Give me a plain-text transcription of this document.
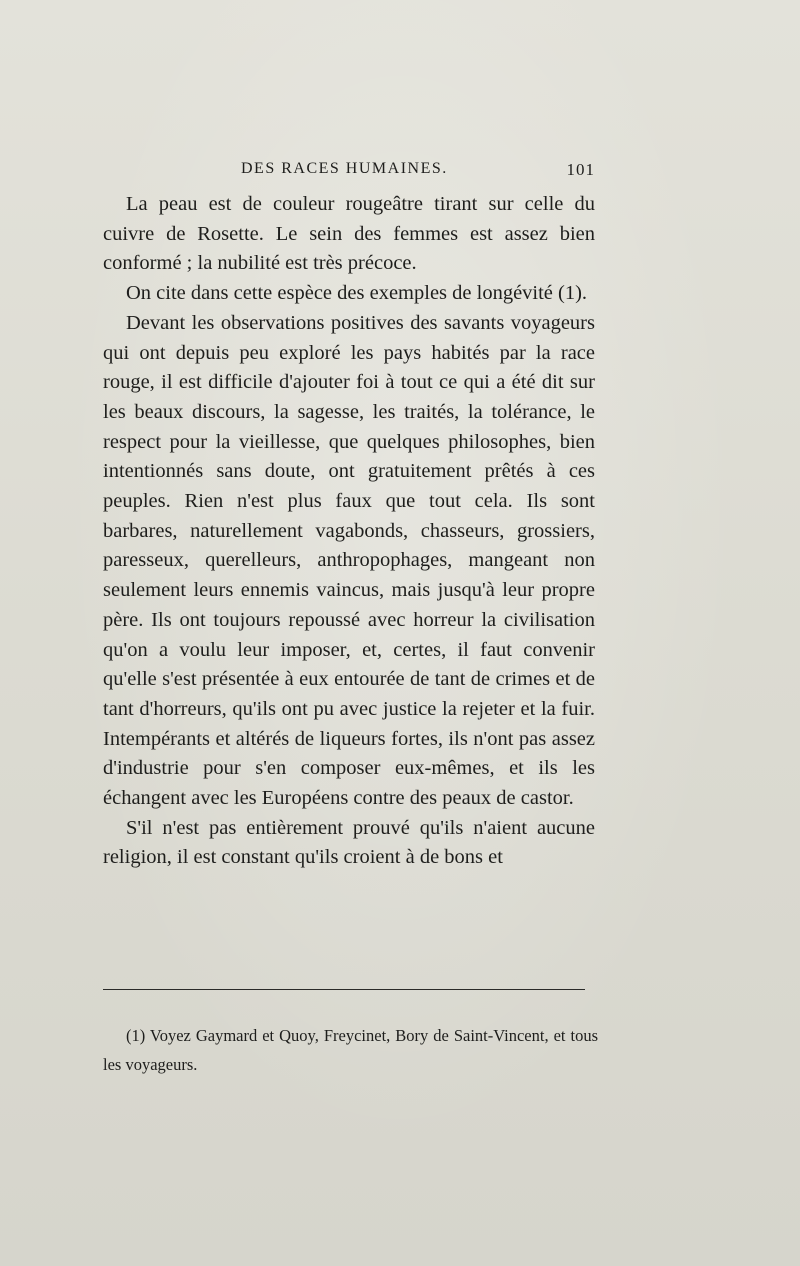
DES RACES HUMAINES.	101

La peau est de couleur rougeâtre tirant sur celle du cuivre de Rosette. Le sein des femmes est assez bien conformé ; la nubilité est très précoce.

On cite dans cette espèce des exemples de longévité (1).

Devant les observations positives des savants voyageurs qui ont depuis peu exploré les pays habités par la race rouge, il est difficile d'ajouter foi à tout ce qui a été dit sur les beaux discours, la sagesse, les traités, la tolérance, le respect pour la vieillesse, que quelques philosophes, bien intentionnés sans doute, ont gratuitement prêtés à ces peuples. Rien n'est plus faux que tout cela. Ils sont barbares, naturellement vagabonds, chasseurs, grossiers, paresseux, querelleurs, anthropophages, mangeant non seulement leurs ennemis vaincus, mais jusqu'à leur propre père. Ils ont toujours repoussé avec horreur la civilisation qu'on a voulu leur imposer, et, certes, il faut convenir qu'elle s'est présentée à eux entourée de tant de crimes et de tant d'horreurs, qu'ils ont pu avec justice la rejeter et la fuir. Intempérants et altérés de liqueurs fortes, ils n'ont pas assez d'industrie pour s'en composer eux-mêmes, et ils les échangent avec les Européens contre des peaux de castor.

S'il n'est pas entièrement prouvé qu'ils n'aient aucune religion, il est constant qu'ils croient à de bons et

(1) Voyez Gaymard et Quoy, Freycinet, Bory de Saint-Vincent, et tous les voyageurs.
